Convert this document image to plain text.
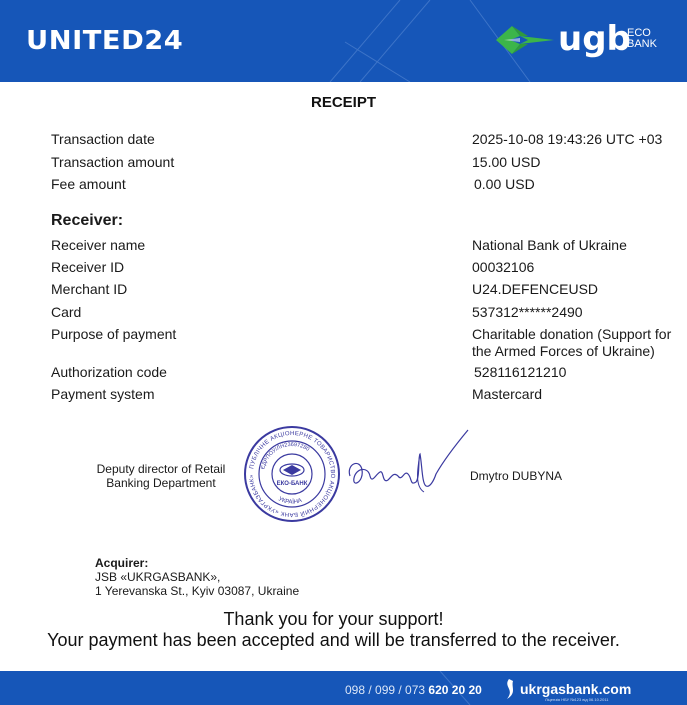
UNITED24	ugb
ECO
BANK
RECEIPT
Transaction date	2025-10-08 19:43:26 UTC +03
Transaction amount	15.00 USD
Fee amount	0.00 USD
Receiver:
Receiver name	National Bank of Ukraine
Receiver ID	00032106
Merchant ID	U24.DEFENCEUSD
Card	537312******2490
Purpose of payment	Charitable donation (Support for the Armed Forces of Ukraine)
Authorization code	528116121210
Payment system	Mastercard
Deputy director of Retail Banking Department
ПУБЛІЧНЕ АКЦІОНЕРНЕ ТОВАРИСТВО АКЦІОНЕРНИЙ БАНК «УКРГАЗБАНК»
ЄДРПОУ/ЛН23697280
УКРАЇНА
ЕКО-БАНК
Dmytro DUBYNA
Acquirer:
JSB «UKRGASBANK»,
1 Yerevanska St., Kyiv 03087, Ukraine
Thank you for your support!
Your payment has been accepted and will be transferred to the receiver.
098 / 099 / 073 620 20 20	ukrgasbank.com
Ліцензія НБУ №123 від 06.10.2011
